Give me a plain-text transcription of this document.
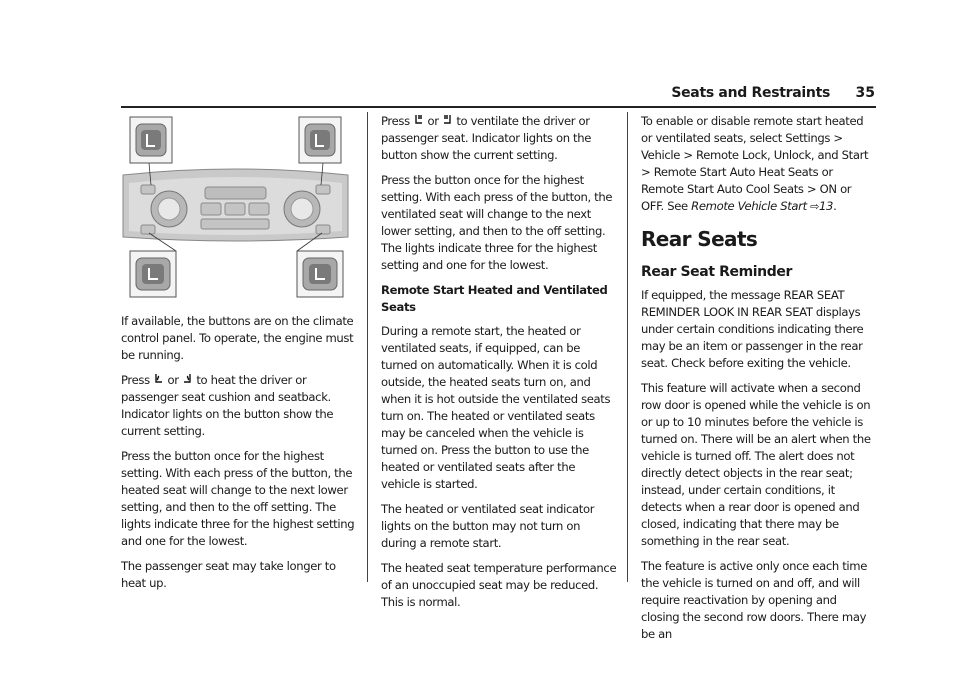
Seats and Restraints 35

If available, the buttons are on the climate control panel. To operate, the engine must be running.

Press or to heat the driver or passenger seat cushion and seatback. Indicator lights on the button show the current setting.

Press the button once for the highest setting. With each press of the button, the heated seat will change to the next lower setting, and then to the off setting. The lights indicate three for the highest setting and one for the lowest.

The passenger seat may take longer to heat up.

Press or to ventilate the driver or passenger seat. Indicator lights on the button show the current setting.

Press the button once for the highest setting. With each press of the button, the ventilated seat will change to the next lower setting, and then to the off setting. The lights indicate three for the highest setting and one for the lowest.

Remote Start Heated and Ventilated Seats

During a remote start, the heated or ventilated seats, if equipped, can be turned on automatically. When it is cold outside, the heated seats turn on, and when it is hot outside the ventilated seats turn on. The heated or ventilated seats may be canceled when the vehicle is turned on. Press the button to use the heated or ventilated seats after the vehicle is started.

The heated or ventilated seat indicator lights on the button may not turn on during a remote start.

The heated seat temperature performance of an unoccupied seat may be reduced. This is normal.

To enable or disable remote start heated or ventilated seats, select Settings > Vehicle > Remote Lock, Unlock, and Start > Remote Start Auto Heat Seats or Remote Start Auto Cool Seats > ON or OFF. See Remote Vehicle Start ⇨13.

Rear Seats
Rear Seat Reminder

If equipped, the message REAR SEAT REMINDER LOOK IN REAR SEAT displays under certain conditions indicating there may be an item or passenger in the rear seat. Check before exiting the vehicle.

This feature will activate when a second row door is opened while the vehicle is on or up to 10 minutes before the vehicle is turned on. There will be an alert when the vehicle is turned off. The alert does not directly detect objects in the rear seat; instead, under certain conditions, it detects when a rear door is opened and closed, indicating that there may be something in the rear seat.

The feature is active only once each time the vehicle is turned on and off, and will require reactivation by opening and closing the second row doors. There may be an
